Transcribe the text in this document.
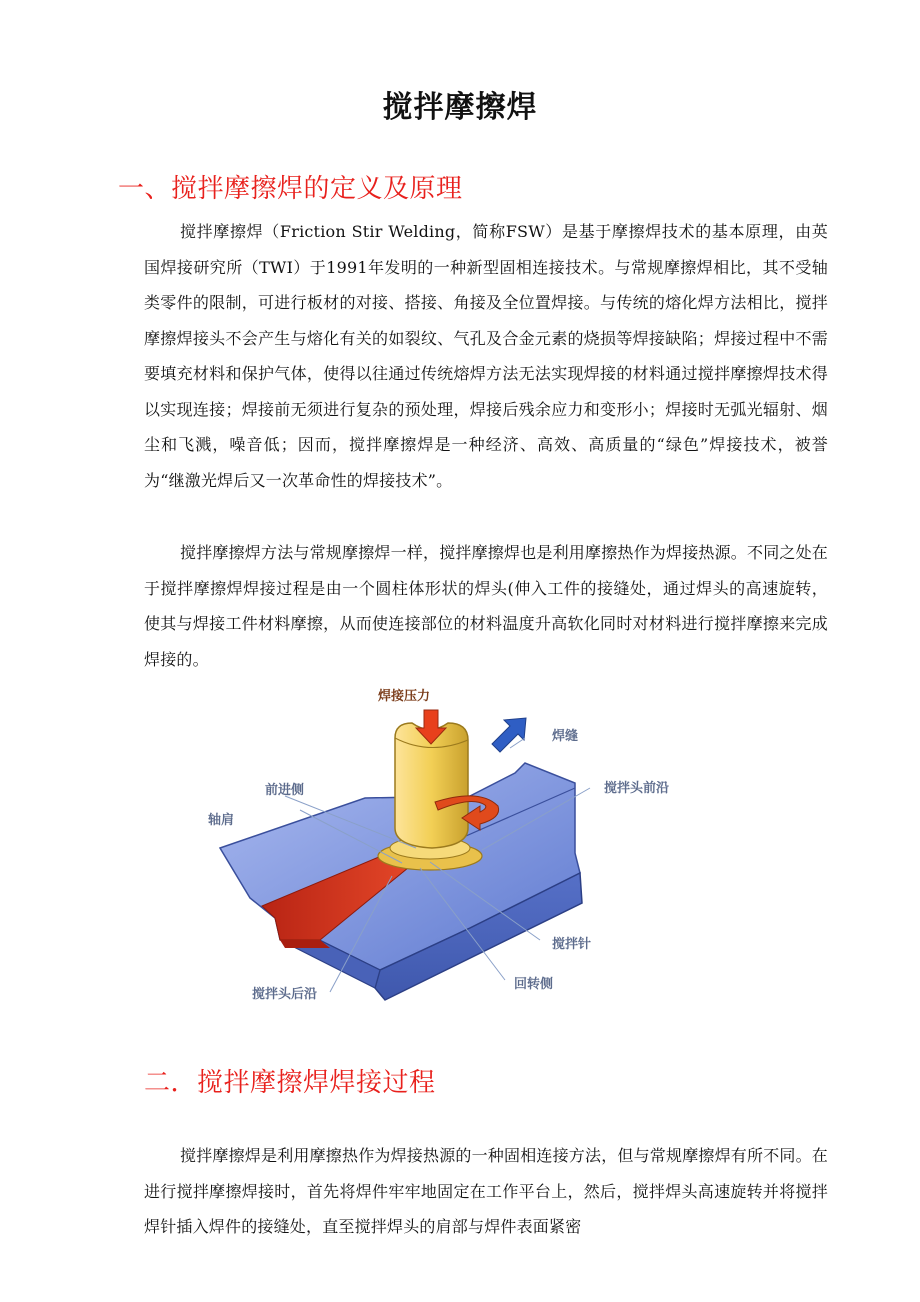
搅拌摩擦焊
一、搅拌摩擦焊的定义及原理

搅拌摩擦焊（Friction Stir Welding，简称FSW）是基于摩擦焊技术的基本原理，由英国焊接研究所（TWI）于1991年发明的一种新型固相连接技术。与常规摩擦焊相比，其不受轴类零件的限制，可进行板材的对接、搭接、角接及全位置焊接。与传统的熔化焊方法相比，搅拌摩擦焊接头不会产生与熔化有关的如裂纹、气孔及合金元素的烧损等焊接缺陷；焊接过程中不需要填充材料和保护气体，使得以往通过传统熔焊方法无法实现焊接的材料通过搅拌摩擦焊技术得以实现连接；焊接前无须进行复杂的预处理，焊接后残余应力和变形小；焊接时无弧光辐射、烟尘和飞溅，噪音低；因而，搅拌摩擦焊是一种经济、高效、高质量的“绿色”焊接技术，被誉为“继激光焊后又一次革命性的焊接技术”。

搅拌摩擦焊方法与常规摩擦焊一样，搅拌摩擦焊也是利用摩擦热作为焊接热源。不同之处在于搅拌摩擦焊焊接过程是由一个圆柱体形状的焊头(伸入工件的接缝处，通过焊头的高速旋转，使其与焊接工件材料摩擦，从而使连接部位的材料温度升高软化同时对材料进行搅拌摩擦来完成焊接的。

焊接压力
焊缝
前进侧	搅拌头前沿
轴肩
搅拌针
回转侧
搅拌头后沿
二．搅拌摩擦焊焊接过程

搅拌摩擦焊是利用摩擦热作为焊接热源的一种固相连接方法，但与常规摩擦焊有所不同。在进行搅拌摩擦焊接时，首先将焊件牢牢地固定在工作平台上，然后，搅拌焊头高速旋转并将搅拌焊针插入焊件的接缝处，直至搅拌焊头的肩部与焊件表面紧密
